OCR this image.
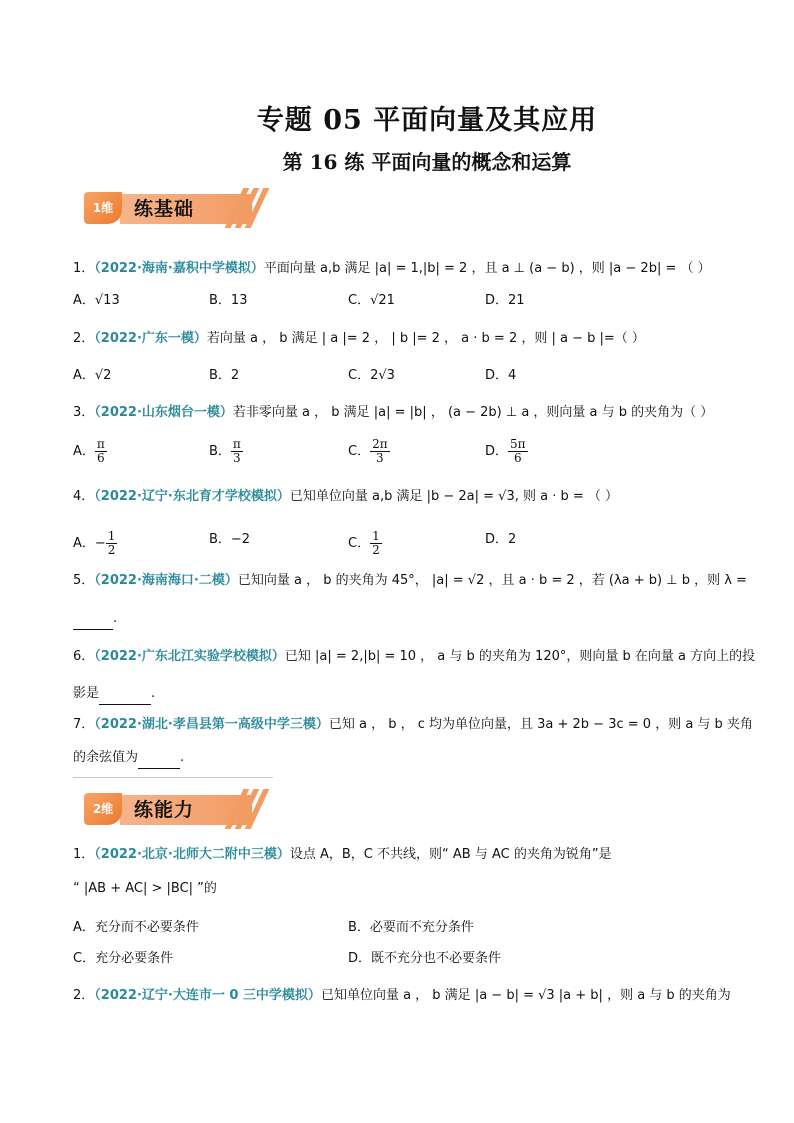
专题 05 平面向量及其应用
第 16 练 平面向量的概念和运算
1维	练基础
1．（2022·海南·嘉积中学模拟）平面向量 a,b 满足 |a| = 1,|b| = 2 ，且 a ⊥ (a − b) ，则 |a − 2b| = （ ）
A．√13	B．13	C．√21	D．21
2．（2022·广东一模）若向量 a ， b 满足 | a |= 2 ， | b |= 2 ， a · b = 2 ，则 | a − b |=（ ）
A．√2	B．2	C．2√3	D．4
3．（2022·山东烟台一模）若非零向量 a ， b 满足 |a| = |b| ， (a − 2b) ⊥ a ，则向量 a 与 b 的夹角为（ ）
A． $\frac{\pi}{6}$	B． $\frac{\pi}{3}$	C． $\frac{2\pi}{3}$	D． $\frac{5\pi}{6}$
4．（2022·辽宁·东北育才学校模拟）已知单位向量 a,b 满足 |b − 2a| = √3, 则 a · b = （ ）
A．− $\frac{1}{2}$	B．−2	C． $\frac{1}{2}$	D．2
5．（2022·海南海口·二模）已知向量 a ， b 的夹角为 45°， |a| = √2 ，且 a · b = 2 ，若 (λa + b) ⊥ b ，则 λ =
.
6．（2022·广东北江实验学校模拟）已知 |a| = 2,|b| = 10 ， a 与 b 的夹角为 120°，则向量 b 在向量 a 方向上的投
影是	.
7．（2022·湖北·孝昌县第一高级中学三模）已知 a ， b ， c 均为单位向量，且 3a + 2b − 3c = 0 ，则 a 与 b 夹角
的余弦值为	.
2维	练能力
1．（2022·北京·北师大二附中三模）设点 A，B，C 不共线，则“ AB 与 AC 的夹角为锐角”是
“ |AB + AC| > |BC| ”的
A．充分而不必要条件	B．必要而不充分条件
C．充分必要条件	D．既不充分也不必要条件
2．（2022·辽宁·大连市一 0 三中学模拟）已知单位向量 a ， b 满足 |a − b| = √3 |a + b| ，则 a 与 b 的夹角为
